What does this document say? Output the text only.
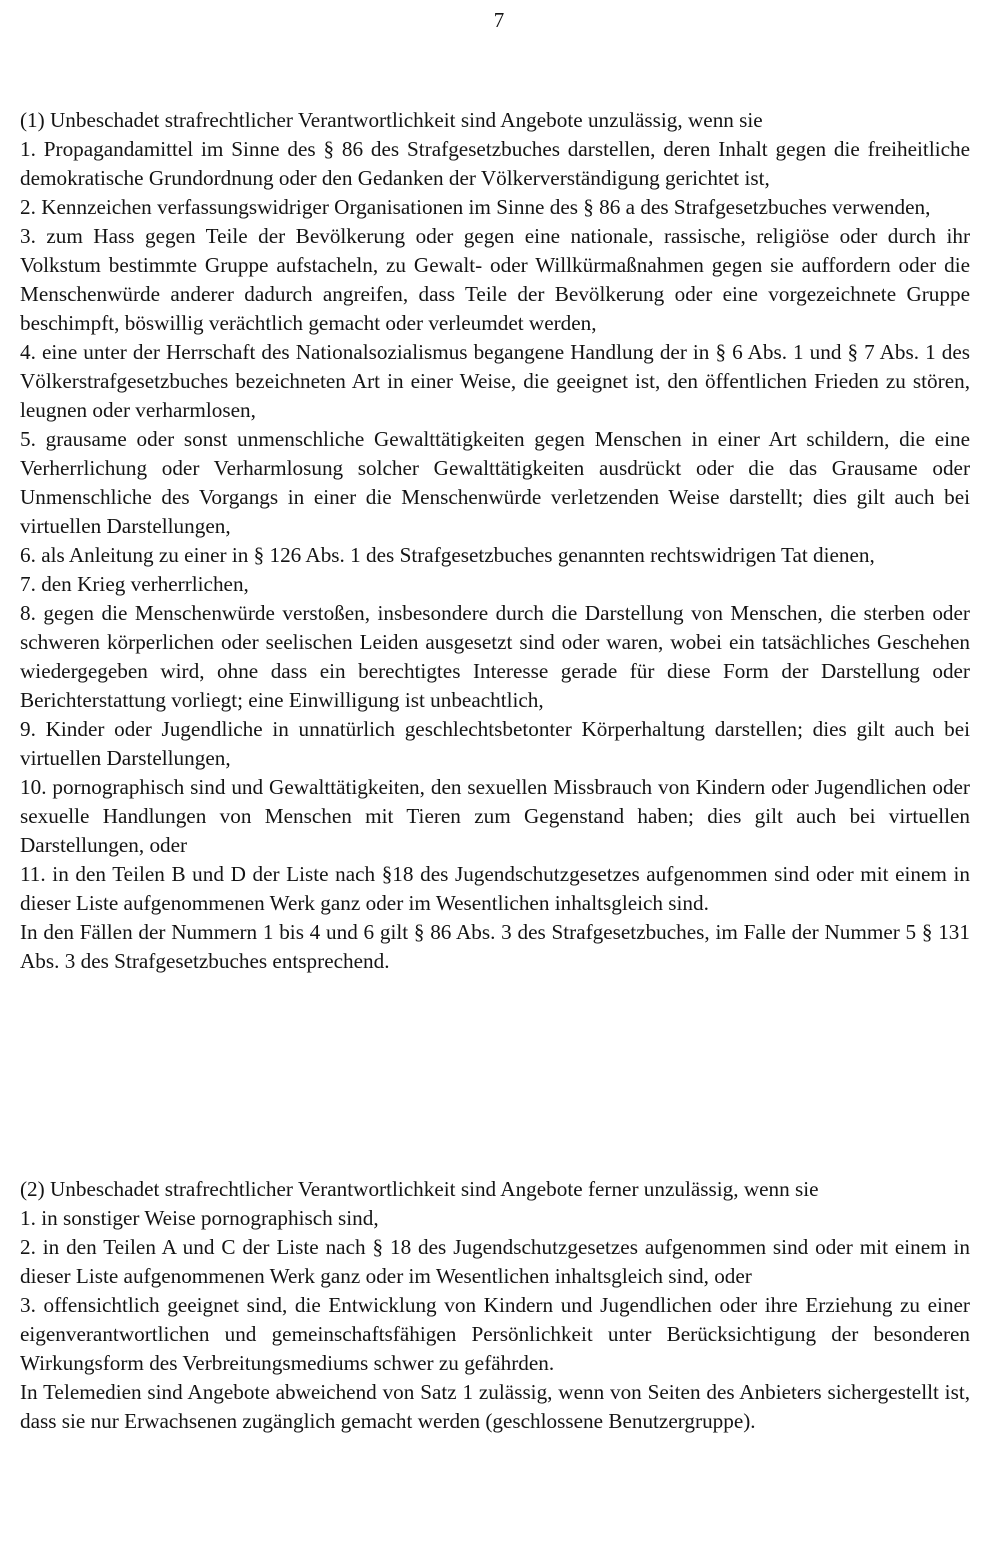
7

(1) Unbeschadet strafrechtlicher Verantwortlichkeit sind Angebote unzulässig, wenn sie

1. Propagandamittel im Sinne des § 86 des Strafgesetzbuches darstellen, deren Inhalt gegen die freiheitliche demokratische Grundordnung oder den Gedanken der Völkerverständigung gerichtet ist,

2. Kennzeichen verfassungswidriger Organisationen im Sinne des § 86 a des Strafgesetzbuches verwenden,

3. zum Hass gegen Teile der Bevölkerung oder gegen eine nationale, rassische, religiöse oder durch ihr Volkstum bestimmte Gruppe aufstacheln, zu Gewalt- oder Willkürmaßnahmen gegen sie auffordern oder die Menschenwürde anderer dadurch angreifen, dass Teile der Bevölkerung oder eine vorgezeichnete Gruppe beschimpft, böswillig verächtlich gemacht oder verleumdet werden,

4. eine unter der Herrschaft des Nationalsozialismus begangene Handlung der in § 6 Abs. 1 und § 7 Abs. 1 des Völkerstrafgesetzbuches bezeichneten Art in einer Weise, die geeignet ist, den öffentlichen Frieden zu stören, leugnen oder verharmlosen,

5. grausame oder sonst unmenschliche Gewalttätigkeiten gegen Menschen in einer Art schildern, die eine Verherrlichung oder Verharmlosung solcher Gewalttätigkeiten ausdrückt oder die das Grausame oder Unmenschliche des Vorgangs in einer die Menschenwürde verletzenden Weise darstellt; dies gilt auch bei virtuellen Darstellungen,

6. als Anleitung zu einer in § 126 Abs. 1 des Strafgesetzbuches genannten rechtswidrigen Tat dienen,

7. den Krieg verherrlichen,

8. gegen die Menschenwürde verstoßen, insbesondere durch die Darstellung von Menschen, die sterben oder schweren körperlichen oder seelischen Leiden ausgesetzt sind oder waren, wobei ein tatsächliches Geschehen wiedergegeben wird, ohne dass ein berechtigtes Interesse gerade für diese Form der Darstellung oder Berichterstattung vorliegt; eine Einwilligung ist unbeachtlich,

9. Kinder oder Jugendliche in unnatürlich geschlechtsbetonter Körperhaltung darstellen; dies gilt auch bei virtuellen Darstellungen,

10. pornographisch sind und Gewalttätigkeiten, den sexuellen Missbrauch von Kindern oder Jugendlichen oder sexuelle Handlungen von Menschen mit Tieren zum Gegenstand haben; dies gilt auch bei virtuellen Darstellungen, oder

11. in den Teilen B und D der Liste nach §18 des Jugendschutzgesetzes aufgenommen sind oder mit einem in dieser Liste aufgenommenen Werk ganz oder im Wesentlichen inhaltsgleich sind.

In den Fällen der Nummern 1 bis 4 und 6 gilt § 86 Abs. 3 des Strafgesetzbuches, im Falle der Nummer 5 § 131 Abs. 3 des Strafgesetzbuches entsprechend.

(2) Unbeschadet strafrechtlicher Verantwortlichkeit sind Angebote ferner unzulässig, wenn sie

1. in sonstiger Weise pornographisch sind,

2. in den Teilen A und C der Liste nach § 18 des Jugendschutzgesetzes aufgenommen sind oder mit einem in dieser Liste aufgenommenen Werk ganz oder im Wesentlichen inhaltsgleich sind, oder

3. offensichtlich geeignet sind, die Entwicklung von Kindern und Jugendlichen oder ihre Erziehung zu einer eigenverantwortlichen und gemeinschaftsfähigen Persönlichkeit unter Berücksichtigung der besonderen Wirkungsform des Verbreitungsmediums schwer zu gefährden.

In Telemedien sind Angebote abweichend von Satz 1 zulässig, wenn von Seiten des Anbieters sichergestellt ist, dass sie nur Erwachsenen zugänglich gemacht werden (geschlossene Benutzergruppe).
